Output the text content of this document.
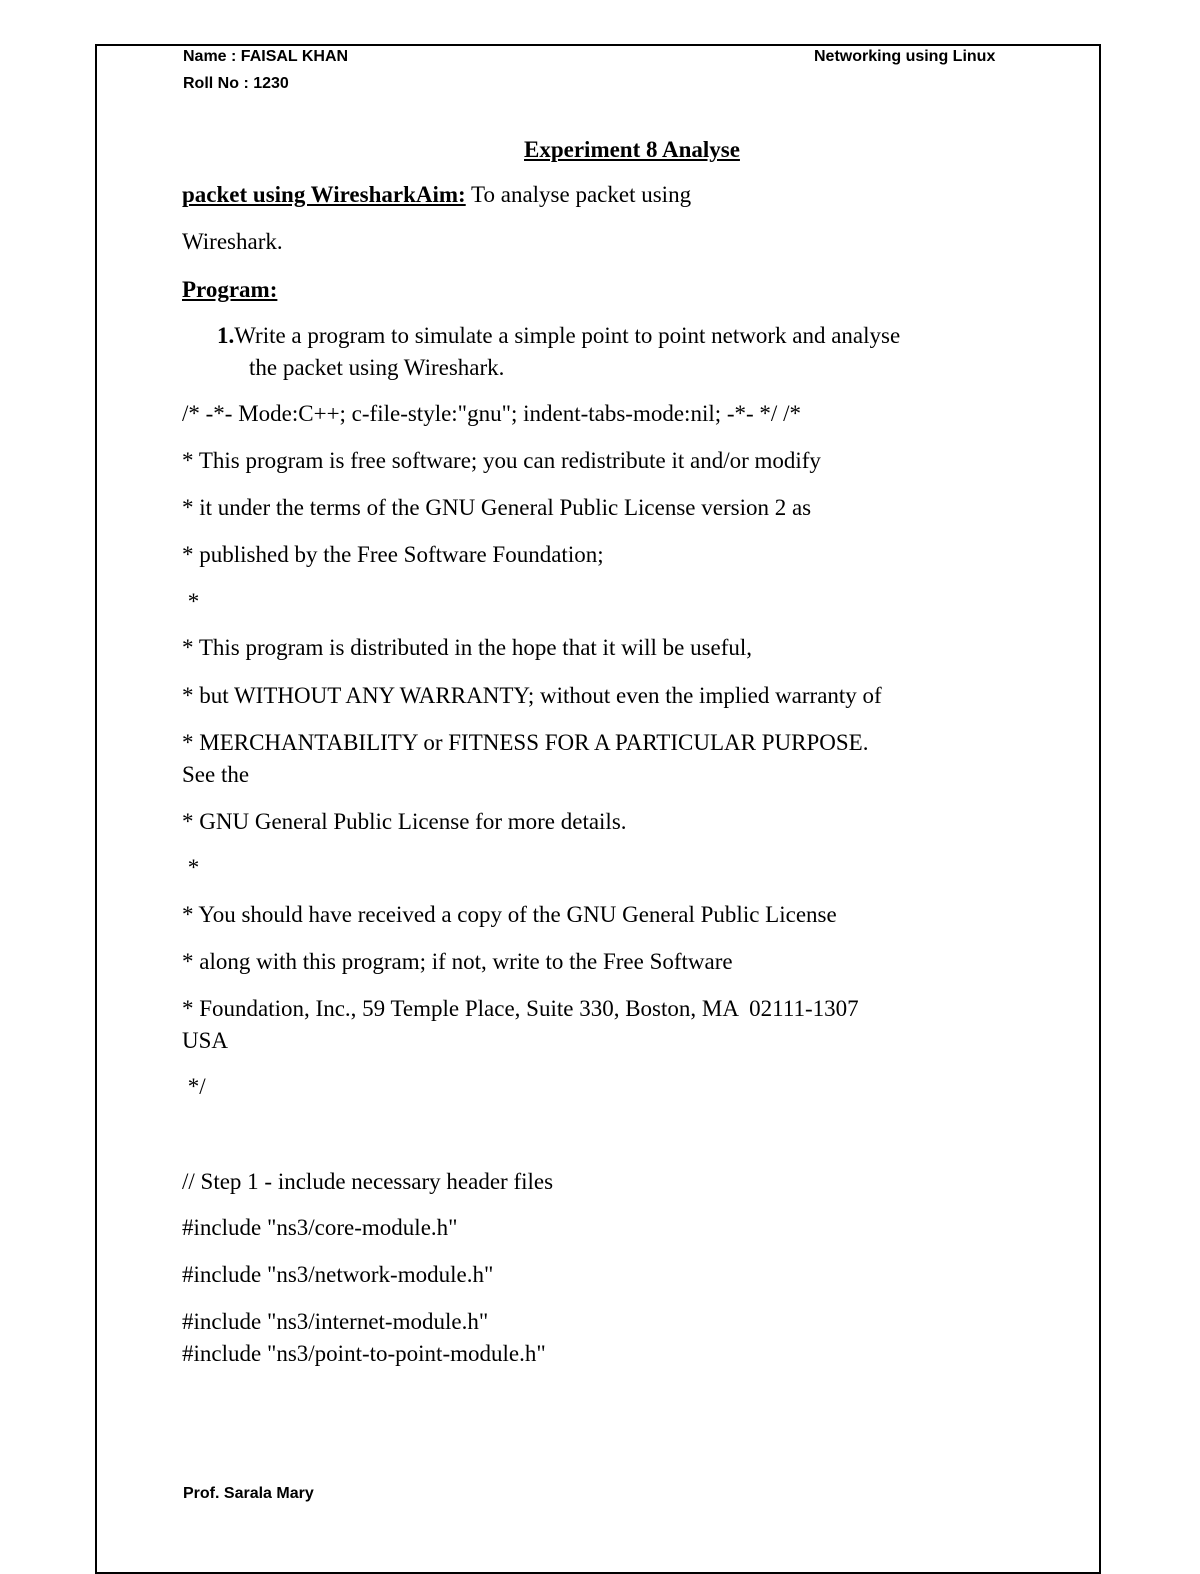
Name : FAISAL KHAN
Roll No : 1230
Networking using Linux
Experiment 8 Analyse
packet using WiresharkAim: To analyse packet using
Wireshark.
Program:
1.Write a program to simulate a simple point to point network and analyse
the packet using Wireshark.
/* -*- Mode:C++; c-file-style:"gnu"; indent-tabs-mode:nil; -*- */ /*
* This program is free software; you can redistribute it and/or modify
* it under the terms of the GNU General Public License version 2 as
* published by the Free Software Foundation;
*
* This program is distributed in the hope that it will be useful,
* but WITHOUT ANY WARRANTY; without even the implied warranty of
* MERCHANTABILITY or FITNESS FOR A PARTICULAR PURPOSE.
See the
* GNU General Public License for more details.
*
* You should have received a copy of the GNU General Public License
* along with this program; if not, write to the Free Software
* Foundation, Inc., 59 Temple Place, Suite 330, Boston, MA  02111-1307
USA
*/
// Step 1 - include necessary header files
#include "ns3/core-module.h"
#include "ns3/network-module.h"
#include "ns3/internet-module.h"
#include "ns3/point-to-point-module.h"
Prof. Sarala Mary
